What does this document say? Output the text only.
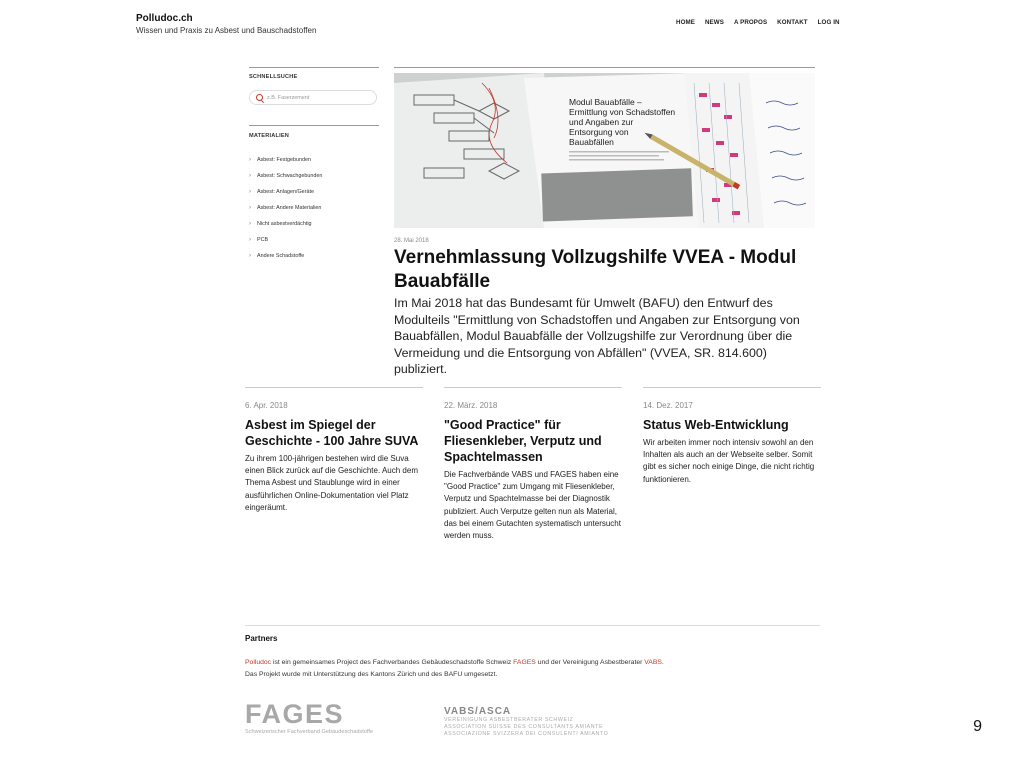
Polludoc.ch
Wissen und Praxis zu Asbest und Bauschadstoffen
HOME NEWS A PROPOS KONTAKT LOG IN
SCHNELLSUCHE
z.B. Faserzement
MATERIALIEN
›	Asbest: Festgebunden
›	Asbest: Schwachgebunden
›	Asbest: Anlagen/Geräte
›	Asbest: Andere Materialien
›	Nicht asbestverdächtig
›	PCB
›	Andere Schadstoffe
Modul Bauabfälle –
Ermittlung von Schadstoffen
und Angaben zur
Entsorgung von
Bauabfällen
28. Mai 2018
Vernehmlassung Vollzugshilfe VVEA - Modul Bauabfälle
Im Mai 2018 hat das Bundesamt für Umwelt (BAFU) den Entwurf des Modulteils "Ermittlung von Schadstoffen und Angaben zur Entsorgung von Bauabfällen, Modul Bauabfälle der Vollzugshilfe zur Verordnung über die Vermeidung und die Entsorgung von Abfällen" (VVEA, SR. 814.600) publiziert.
6. Apr. 2018
Asbest im Spiegel der Geschichte - 100 Jahre SUVA
Zu ihrem 100-jährigen bestehen wird die Suva einen Blick zurück auf die Geschichte. Auch dem Thema Asbest und Staublunge wird in einer ausführlichen Online-Dokumentation viel Platz eingeräumt.
22. März. 2018
"Good Practice" für Fliesenkleber, Verputz und Spachtelmassen
Die Fachverbände VABS und FAGES haben eine "Good Practice" zum Umgang mit Fliesenkleber, Verputz und Spachtelmasse bei der Diagnostik publiziert. Auch Verputze gelten nun als Material, das bei einem Gutachten systematisch untersucht werden muss.
14. Dez. 2017
Status Web-Entwicklung
Wir arbeiten immer noch intensiv sowohl an den Inhalten als auch an der Webseite selber. Somit gibt es sicher noch einige Dinge, die nicht richtig funktionieren.
Partners
Polludoc ist ein gemeinsames Project des Fachverbandes Gebäudeschadstoffe Schweiz FAGES und der Vereinigung Asbestberater VABS.
Das Projekt wurde mit Unterstützung des Kantons Zürich und des BAFU umgesetzt.
FAGES
Schweizerischer Fachverband Gebäudeschadstoffe
VABS/ASCA
VEREINIGUNG ASBESTBERATER SCHWEIZ
ASSOCIATION SUISSE DES CONSULTANTS AMIANTE
ASSOCIAZIONE SVIZZERA DEI CONSULENTI AMIANTO	9
